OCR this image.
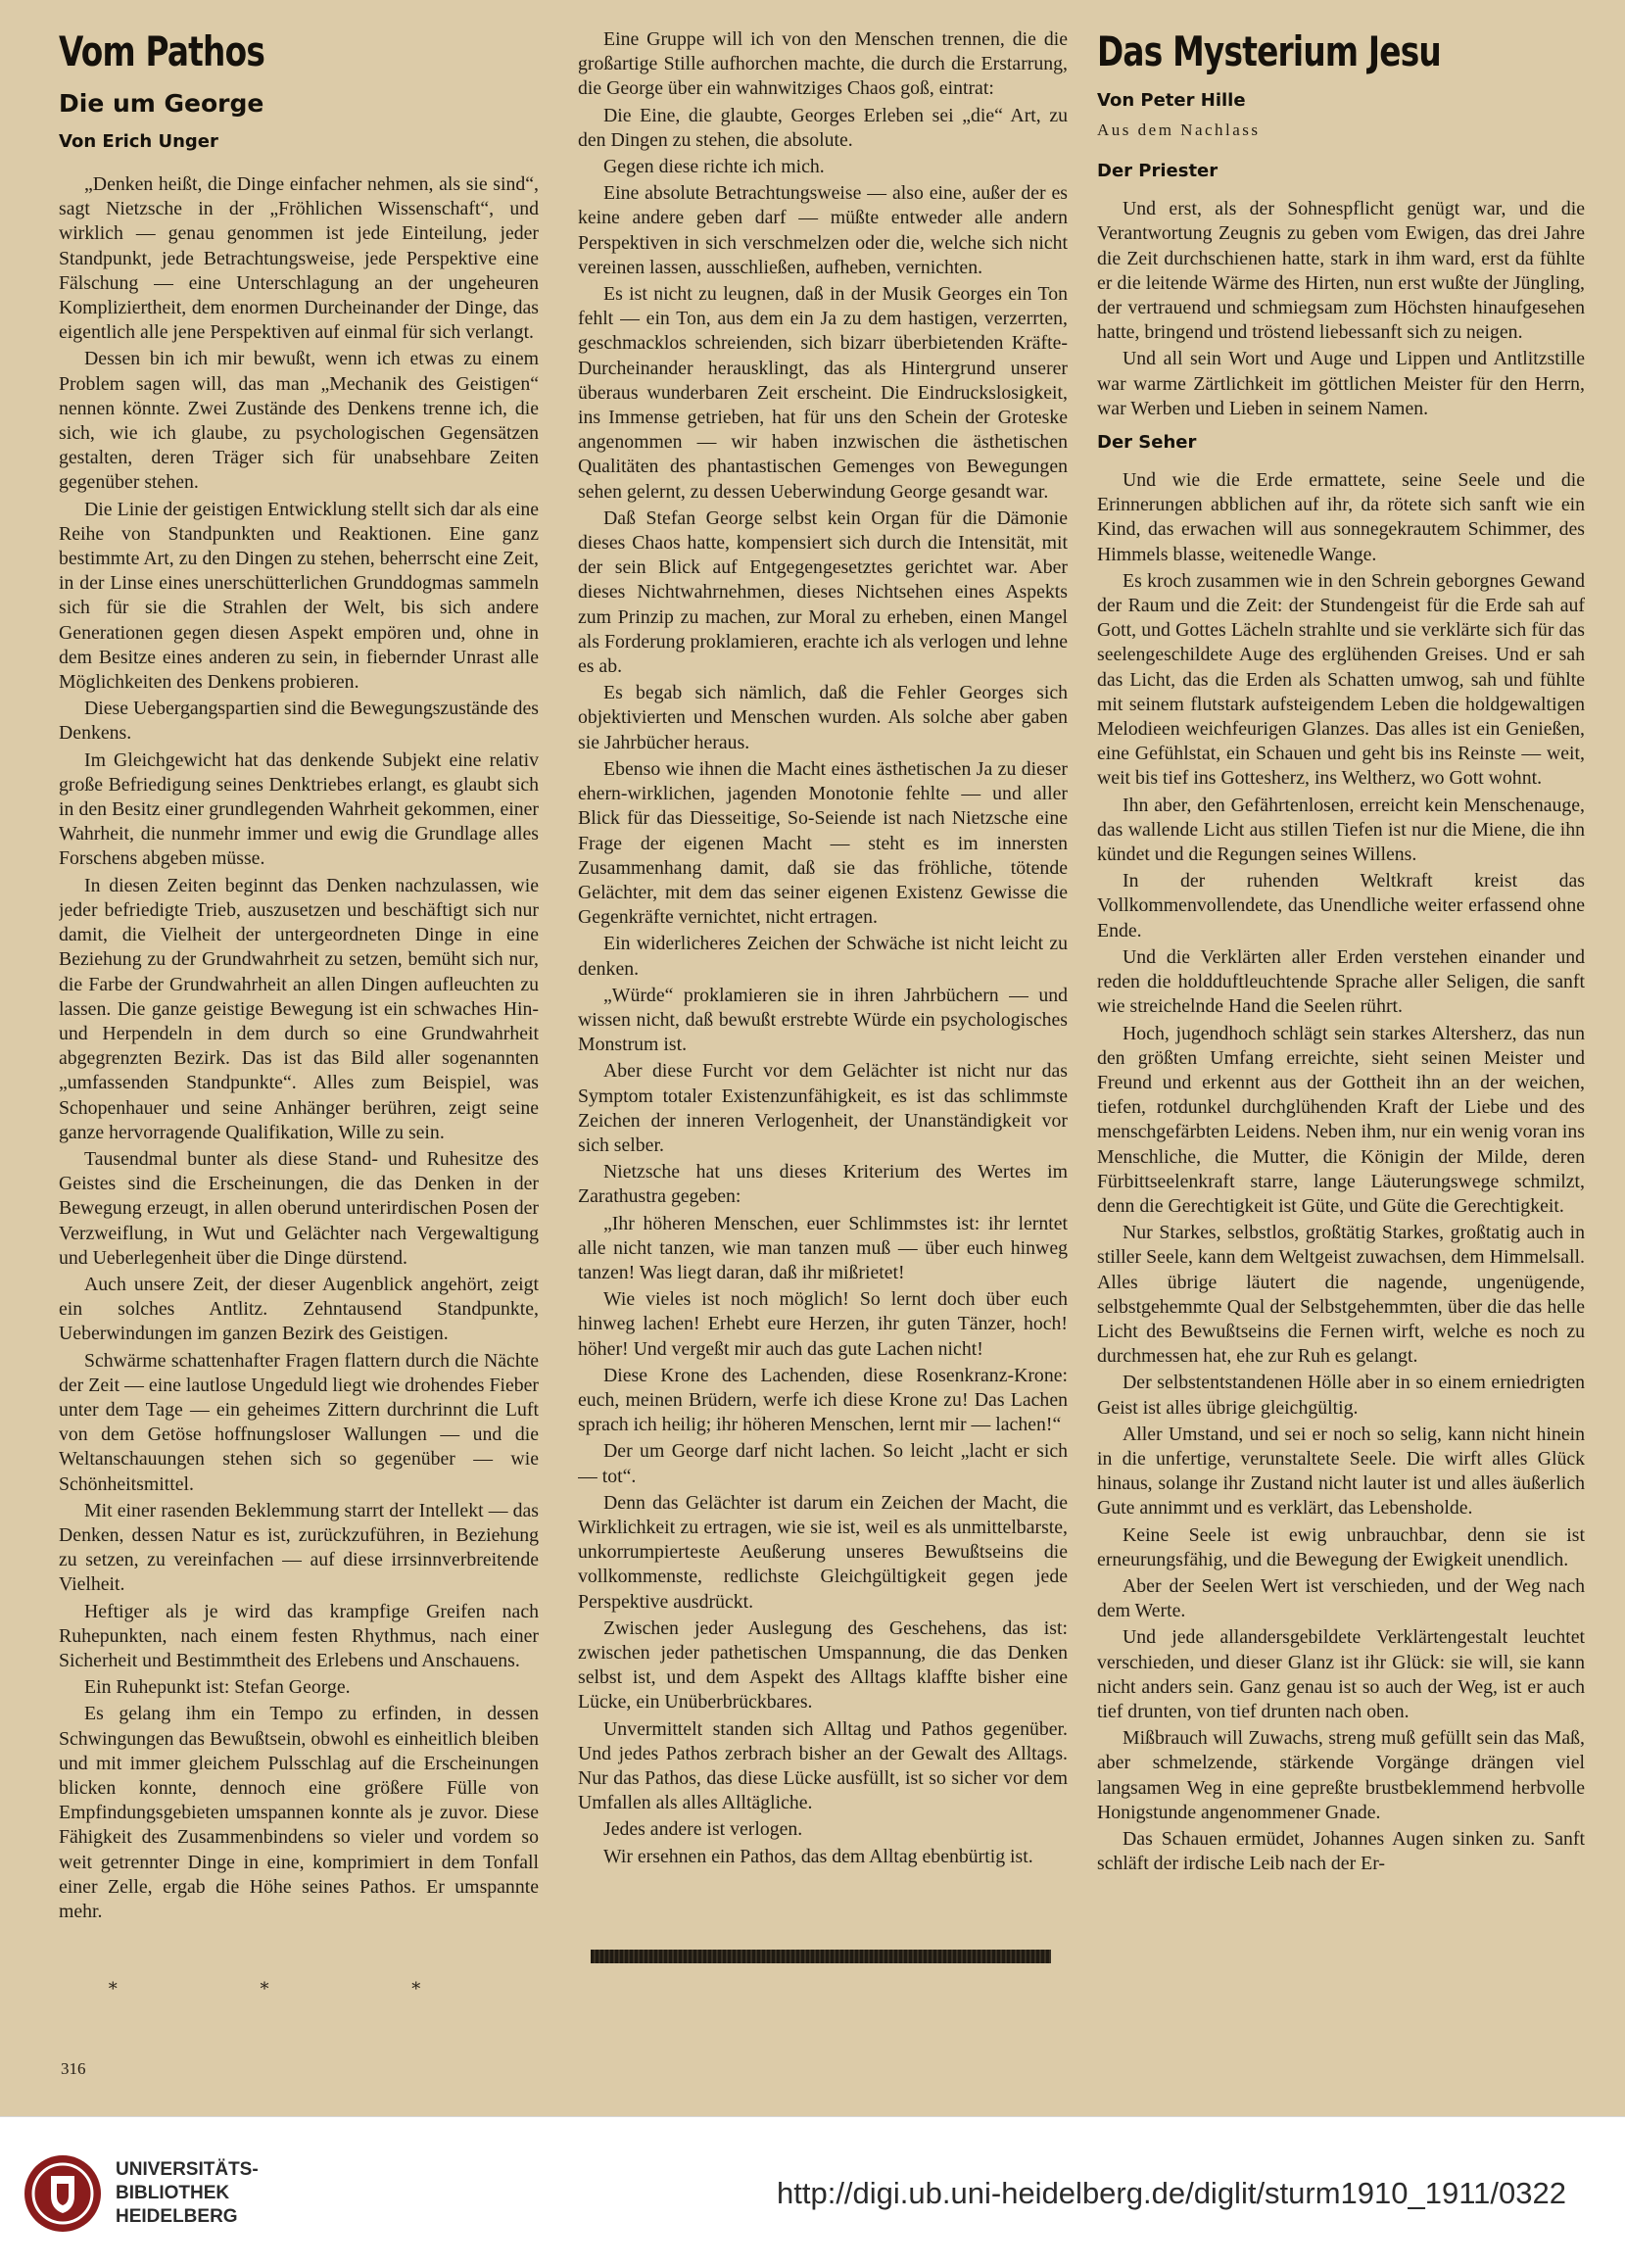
Vom Pathos
Die um George
Von Erich Unger

„Denken heißt, die Dinge einfacher nehmen, als sie sind“, sagt Nietzsche in der „Fröhlichen Wissenschaft“, und wirklich — genau genommen ist jede Einteilung, jeder Standpunkt, jede Betrachtungsweise, jede Perspektive eine Fälschung — eine Unterschlagung an der ungeheuren Kompliziertheit, dem enormen Durcheinander der Dinge, das eigentlich alle jene Perspektiven auf einmal für sich verlangt.

Dessen bin ich mir bewußt, wenn ich etwas zu einem Problem sagen will, das man „Mechanik des Geistigen“ nennen könnte. Zwei Zustände des Denkens trenne ich, die sich, wie ich glaube, zu psychologischen Gegensätzen gestalten, deren Träger sich für unabsehbare Zeiten gegenüber stehen.

Die Linie der geistigen Entwicklung stellt sich dar als eine Reihe von Standpunkten und Reaktionen. Eine ganz bestimmte Art, zu den Dingen zu stehen, beherrscht eine Zeit, in der Linse eines unerschütterlichen Grunddogmas sammeln sich für sie die Strahlen der Welt, bis sich andere Generationen gegen diesen Aspekt empören und, ohne in dem Besitze eines anderen zu sein, in fiebernder Unrast alle Möglichkeiten des Denkens probieren.

Diese Uebergangspartien sind die Bewegungszustände des Denkens.

Im Gleichgewicht hat das denkende Subjekt eine relativ große Befriedigung seines Denktriebes erlangt, es glaubt sich in den Besitz einer grundlegenden Wahrheit gekommen, einer Wahrheit, die nunmehr immer und ewig die Grundlage alles Forschens abgeben müsse.

In diesen Zeiten beginnt das Denken nachzulassen, wie jeder befriedigte Trieb, auszusetzen und beschäftigt sich nur damit, die Vielheit der untergeordneten Dinge in eine Beziehung zu der Grundwahrheit zu setzen, bemüht sich nur, die Farbe der Grundwahrheit an allen Dingen aufleuchten zu lassen. Die ganze geistige Bewegung ist ein schwaches Hin- und Herpendeln in dem durch so eine Grundwahrheit abgegrenzten Bezirk. Das ist das Bild aller sogenannten „umfassenden Standpunkte“. Alles zum Beispiel, was Schopenhauer und seine Anhänger berühren, zeigt seine ganze hervorragende Qualifikation, Wille zu sein.

Tausendmal bunter als diese Stand- und Ruhesitze des Geistes sind die Erscheinungen, die das Denken in der Bewegung erzeugt, in allen oberund unterirdischen Posen der Verzweiflung, in Wut und Gelächter nach Vergewaltigung und Ueberlegenheit über die Dinge dürstend.

Auch unsere Zeit, der dieser Augenblick angehört, zeigt ein solches Antlitz. Zehntausend Standpunkte, Ueberwindungen im ganzen Bezirk des Geistigen.

Schwärme schattenhafter Fragen flattern durch die Nächte der Zeit — eine lautlose Ungeduld liegt wie drohendes Fieber unter dem Tage — ein geheimes Zittern durchrinnt die Luft von dem Getöse hoffnungsloser Wallungen — und die Weltanschauungen stehen sich so gegenüber — wie Schönheitsmittel.

Mit einer rasenden Beklemmung starrt der Intellekt — das Denken, dessen Natur es ist, zurückzuführen, in Beziehung zu setzen, zu vereinfachen — auf diese irrsinnverbreitende Vielheit.

Heftiger als je wird das krampfige Greifen nach Ruhepunkten, nach einem festen Rhythmus, nach einer Sicherheit und Bestimmtheit des Erlebens und Anschauens.

Ein Ruhepunkt ist: Stefan George.

Es gelang ihm ein Tempo zu erfinden, in dessen Schwingungen das Bewußtsein, obwohl es einheitlich bleiben und mit immer gleichem Pulsschlag auf die Erscheinungen blicken konnte, dennoch eine größere Fülle von Empfindungsgebieten umspannen konnte als je zuvor. Diese Fähigkeit des Zusammenbindens so vieler und vordem so weit getrennter Dinge in eine, komprimiert in dem Tonfall einer Zelle, ergab die Höhe seines Pathos. Er umspannte mehr.

* * *

Eine Gruppe will ich von den Menschen trennen, die die großartige Stille aufhorchen machte, die durch die Erstarrung, die George über ein wahnwitziges Chaos goß, eintrat:

Die Eine, die glaubte, Georges Erleben sei „die“ Art, zu den Dingen zu stehen, die absolute.

Gegen diese richte ich mich.

Eine absolute Betrachtungsweise — also eine, außer der es keine andere geben darf — müßte entweder alle andern Perspektiven in sich verschmelzen oder die, welche sich nicht vereinen lassen, ausschließen, aufheben, vernichten.

Es ist nicht zu leugnen, daß in der Musik Georges ein Ton fehlt — ein Ton, aus dem ein Ja zu dem hastigen, verzerrten, geschmacklos schreienden, sich bizarr überbietenden Kräfte-Durcheinander herausklingt, das als Hintergrund unserer überaus wunderbaren Zeit erscheint. Die Eindruckslosigkeit, ins Immense getrieben, hat für uns den Schein der Groteske angenommen — wir haben inzwischen die ästhetischen Qualitäten des phantastischen Gemenges von Bewegungen sehen gelernt, zu dessen Ueberwindung George gesandt war.

Daß Stefan George selbst kein Organ für die Dämonie dieses Chaos hatte, kompensiert sich durch die Intensität, mit der sein Blick auf Entgegengesetztes gerichtet war. Aber dieses Nichtwahrnehmen, dieses Nichtsehen eines Aspekts zum Prinzip zu machen, zur Moral zu erheben, einen Mangel als Forderung proklamieren, erachte ich als verlogen und lehne es ab.

Es begab sich nämlich, daß die Fehler Georges sich objektivierten und Menschen wurden. Als solche aber gaben sie Jahrbücher heraus.

Ebenso wie ihnen die Macht eines ästhetischen Ja zu dieser ehern-wirklichen, jagenden Monotonie fehlte — und aller Blick für das Diesseitige, So-Seiende ist nach Nietzsche eine Frage der eigenen Macht — steht es im innersten Zusammenhang damit, daß sie das fröhliche, tötende Gelächter, mit dem das seiner eigenen Existenz Gewisse die Gegenkräfte vernichtet, nicht ertragen.

Ein widerlicheres Zeichen der Schwäche ist nicht leicht zu denken.

„Würde“ proklamieren sie in ihren Jahrbüchern — und wissen nicht, daß bewußt erstrebte Würde ein psychologisches Monstrum ist.

Aber diese Furcht vor dem Gelächter ist nicht nur das Symptom totaler Existenzunfähigkeit, es ist das schlimmste Zeichen der inneren Verlogenheit, der Unanständigkeit vor sich selber.

Nietzsche hat uns dieses Kriterium des Wertes im Zarathustra gegeben:

„Ihr höheren Menschen, euer Schlimmstes ist: ihr lerntet alle nicht tanzen, wie man tanzen muß — über euch hinweg tanzen! Was liegt daran, daß ihr mißrietet!

Wie vieles ist noch möglich! So lernt doch über euch hinweg lachen! Erhebt eure Herzen, ihr guten Tänzer, hoch! höher! Und vergeßt mir auch das gute Lachen nicht!

Diese Krone des Lachenden, diese Rosenkranz-Krone: euch, meinen Brüdern, werfe ich diese Krone zu! Das Lachen sprach ich heilig; ihr höheren Menschen, lernt mir — lachen!“

Der um George darf nicht lachen. So leicht „lacht er sich — tot“.

Denn das Gelächter ist darum ein Zeichen der Macht, die Wirklichkeit zu ertragen, wie sie ist, weil es als unmittelbarste, unkorrumpierteste Aeußerung unseres Bewußtseins die vollkommenste, redlichste Gleichgültigkeit gegen jede Perspektive ausdrückt.

Zwischen jeder Auslegung des Geschehens, das ist: zwischen jeder pathetischen Umspannung, die das Denken selbst ist, und dem Aspekt des Alltags klaffte bisher eine Lücke, ein Unüberbrückbares.

Unvermittelt standen sich Alltag und Pathos gegenüber. Und jedes Pathos zerbrach bisher an der Gewalt des Alltags. Nur das Pathos, das diese Lücke ausfüllt, ist so sicher vor dem Umfallen als alles Alltägliche.

Jedes andere ist verlogen.

Wir ersehnen ein Pathos, das dem Alltag ebenbürtig ist.

Das Mysterium Jesu
Von Peter Hille
Aus dem Nachlass
Der Priester

Und erst, als der Sohnespflicht genügt war, und die Verantwortung Zeugnis zu geben vom Ewigen, das drei Jahre die Zeit durchschienen hatte, stark in ihm ward, erst da fühlte er die leitende Wärme des Hirten, nun erst wußte der Jüngling, der vertrauend und schmiegsam zum Höchsten hinaufgesehen hatte, bringend und tröstend liebessanft sich zu neigen.

Und all sein Wort und Auge und Lippen und Antlitzstille war warme Zärtlichkeit im göttlichen Meister für den Herrn, war Werben und Lieben in seinem Namen.

Der Seher

Und wie die Erde ermattete, seine Seele und die Erinnerungen abblichen auf ihr, da rötete sich sanft wie ein Kind, das erwachen will aus sonnegekrautem Schimmer, des Himmels blasse, weitenedle Wange.

Es kroch zusammen wie in den Schrein geborgnes Gewand der Raum und die Zeit: der Stundengeist für die Erde sah auf Gott, und Gottes Lächeln strahlte und sie verklärte sich für das seelengeschildete Auge des erglühenden Greises. Und er sah das Licht, das die Erden als Schatten umwog, sah und fühlte mit seinem flutstark aufsteigendem Leben die holdgewaltigen Melodieen weichfeurigen Glanzes. Das alles ist ein Genießen, eine Gefühlstat, ein Schauen und geht bis ins Reinste — weit, weit bis tief ins Gottesherz, ins Weltherz, wo Gott wohnt.

Ihn aber, den Gefährtenlosen, erreicht kein Menschenauge, das wallende Licht aus stillen Tiefen ist nur die Miene, die ihn kündet und die Regungen seines Willens.

In der ruhenden Weltkraft kreist das Vollkommenvollendete, das Unendliche weiter erfassend ohne Ende.

Und die Verklärten aller Erden verstehen einander und reden die holdduftleuchtende Sprache aller Seligen, die sanft wie streichelnde Hand die Seelen rührt.

Hoch, jugendhoch schlägt sein starkes Altersherz, das nun den größten Umfang erreichte, sieht seinen Meister und Freund und erkennt aus der Gottheit ihn an der weichen, tiefen, rotdunkel durchglühenden Kraft der Liebe und des menschgefärbten Leidens. Neben ihm, nur ein wenig voran ins Menschliche, die Mutter, die Königin der Milde, deren Fürbittseelenkraft starre, lange Läuterungswege schmilzt, denn die Gerechtigkeit ist Güte, und Güte die Gerechtigkeit.

Nur Starkes, selbstlos, großtätig Starkes, großtatig auch in stiller Seele, kann dem Weltgeist zuwachsen, dem Himmelsall. Alles übrige läutert die nagende, ungenügende, selbstgehemmte Qual der Selbstgehemmten, über die das helle Licht des Bewußtseins die Fernen wirft, welche es noch zu durchmessen hat, ehe zur Ruh es gelangt.

Der selbstentstandenen Hölle aber in so einem erniedrigten Geist ist alles übrige gleichgültig.

Aller Umstand, und sei er noch so selig, kann nicht hinein in die unfertige, verunstaltete Seele. Die wirft alles Glück hinaus, solange ihr Zustand nicht lauter ist und alles äußerlich Gute annimmt und es verklärt, das Lebensholde.

Keine Seele ist ewig unbrauchbar, denn sie ist erneurungsfähig, und die Bewegung der Ewigkeit unendlich.

Aber der Seelen Wert ist verschieden, und der Weg nach dem Werte.

Und jede allandersgebildete Verklärtengestalt leuchtet verschieden, und dieser Glanz ist ihr Glück: sie will, sie kann nicht anders sein. Ganz genau ist so auch der Weg, ist er auch tief drunten, von tief drunten nach oben.

Mißbrauch will Zuwachs, streng muß gefüllt sein das Maß, aber schmelzende, stärkende Vorgänge drängen viel langsamen Weg in eine gepreßte brustbeklemmend herbvolle Honigstunde angenommener Gnade.

Das Schauen ermüdet, Johannes Augen sinken zu. Sanft schläft der irdische Leib nach der Er-

316
UNIVERSITÄTS-
BIBLIOTHEK
HEIDELBERG
http://digi.ub.uni-heidelberg.de/diglit/sturm1910_1911/0322
